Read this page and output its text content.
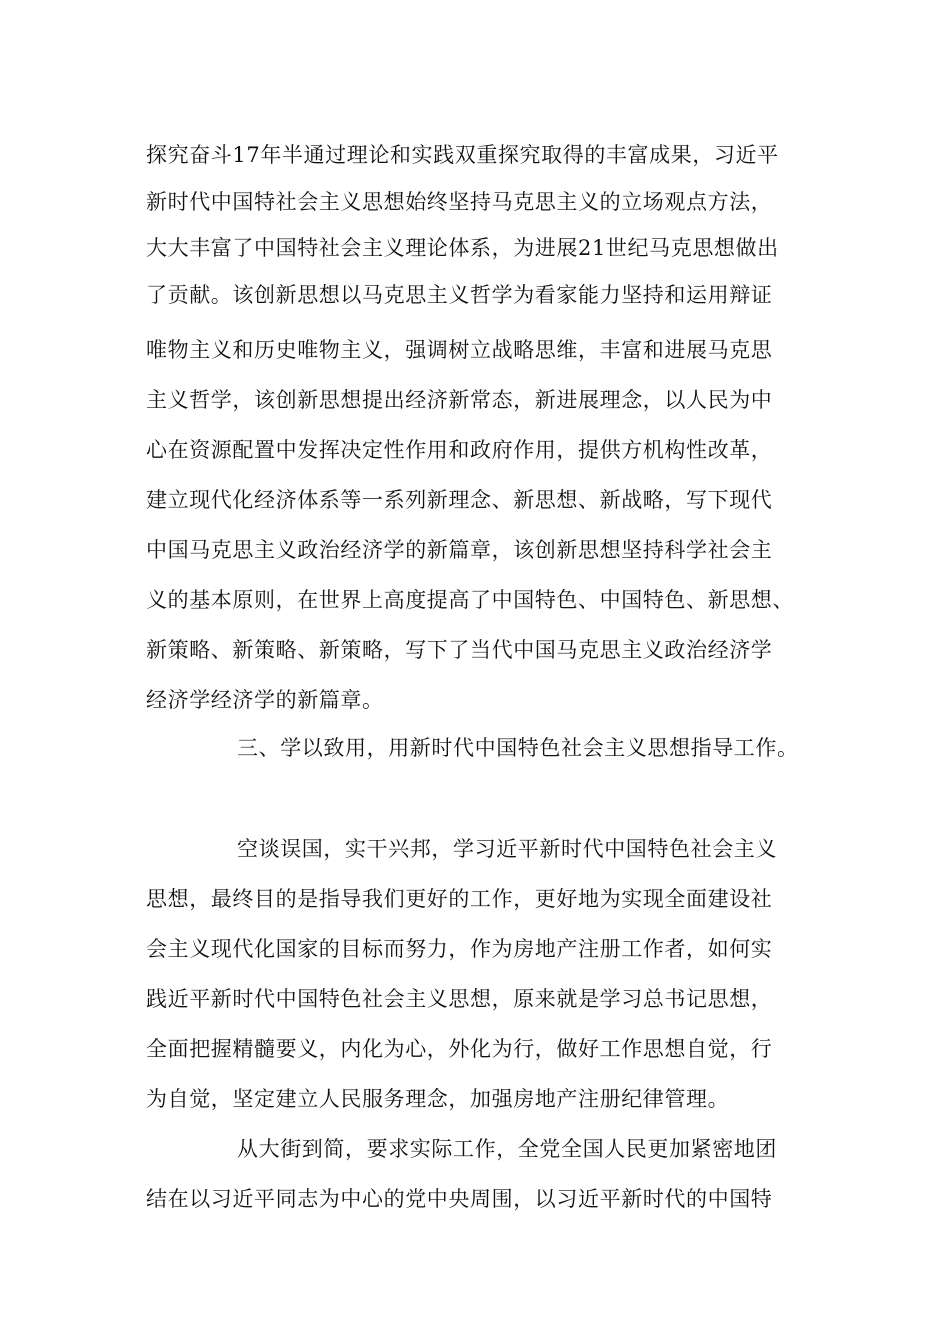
探究奋斗17年半通过理论和实践双重探究取得的丰富成果，习近平
新时代中国特社会主义思想始终坚持马克思主义的立场观点方法，
大大丰富了中国特社会主义理论体系，为进展21世纪马克思想做出
了贡献。该创新思想以马克思主义哲学为看家能力坚持和运用辩证
唯物主义和历史唯物主义，强调树立战略思维，丰富和进展马克思
主义哲学，该创新思想提出经济新常态，新进展理念，以人民为中
心在资源配置中发挥决定性作用和政府作用，提供方机构性改革，
建立现代化经济体系等一系列新理念、新思想、新战略，写下现代
中国马克思主义政治经济学的新篇章，该创新思想坚持科学社会主
义的基本原则，在世界上高度提高了中国特色、中国特色、新思想、
新策略、新策略、新策略，写下了当代中国马克思主义政治经济学
经济学经济学的新篇章。
三、学以致用，用新时代中国特色社会主义思想指导工作。
空谈误国，实干兴邦，学习近平新时代中国特色社会主义
思想，最终目的是指导我们更好的工作，更好地为实现全面建设社
会主义现代化国家的目标而努力，作为房地产注册工作者，如何实
践近平新时代中国特色社会主义思想，原来就是学习总书记思想，
全面把握精髓要义，内化为心，外化为行，做好工作思想自觉，行
为自觉，坚定建立人民服务理念，加强房地产注册纪律管理。
从大街到简，要求实际工作，全党全国人民更加紧密地团
结在以习近平同志为中心的党中央周围，以习近平新时代的中国特
